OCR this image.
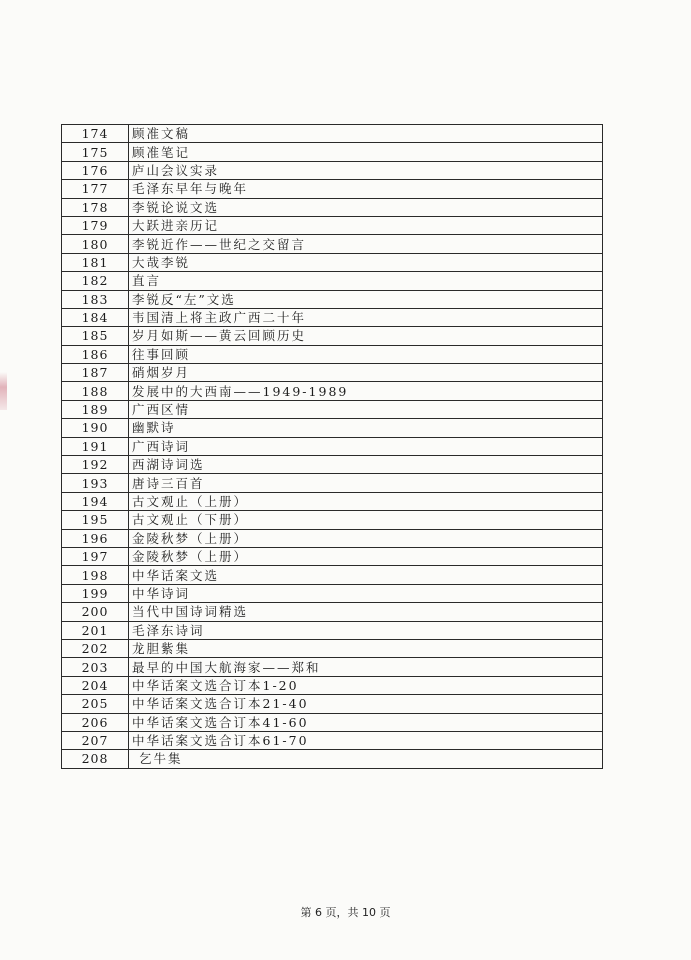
174	顾准文稿
175	顾准笔记
176	庐山会议实录
177	毛泽东早年与晚年
178	李锐论说文选
179	大跃进亲历记
180	李锐近作——世纪之交留言
181	大哉李锐
182	直言
183	李锐反“左”文选
184	韦国清上将主政广西二十年
185	岁月如斯——黄云回顾历史
186	往事回顾
187	硝烟岁月
188	发展中的大西南——1949-1989
189	广西区情
190	幽默诗
191	广西诗词
192	西湖诗词选
193	唐诗三百首
194	古文观止（上册）
195	古文观止（下册）
196	金陵秋梦（上册）
197	金陵秋梦（上册）
198	中华话案文选
199	中华诗词
200	当代中国诗词精选
201	毛泽东诗词
202	龙胆紫集
203	最早的中国大航海家——郑和
204	中华话案文选合订本1-20
205	中华话案文选合订本21-40
206	中华话案文选合订本41-60
207	中华话案文选合订本61-70
208	乞牛集
第 6 页，共 10 页
